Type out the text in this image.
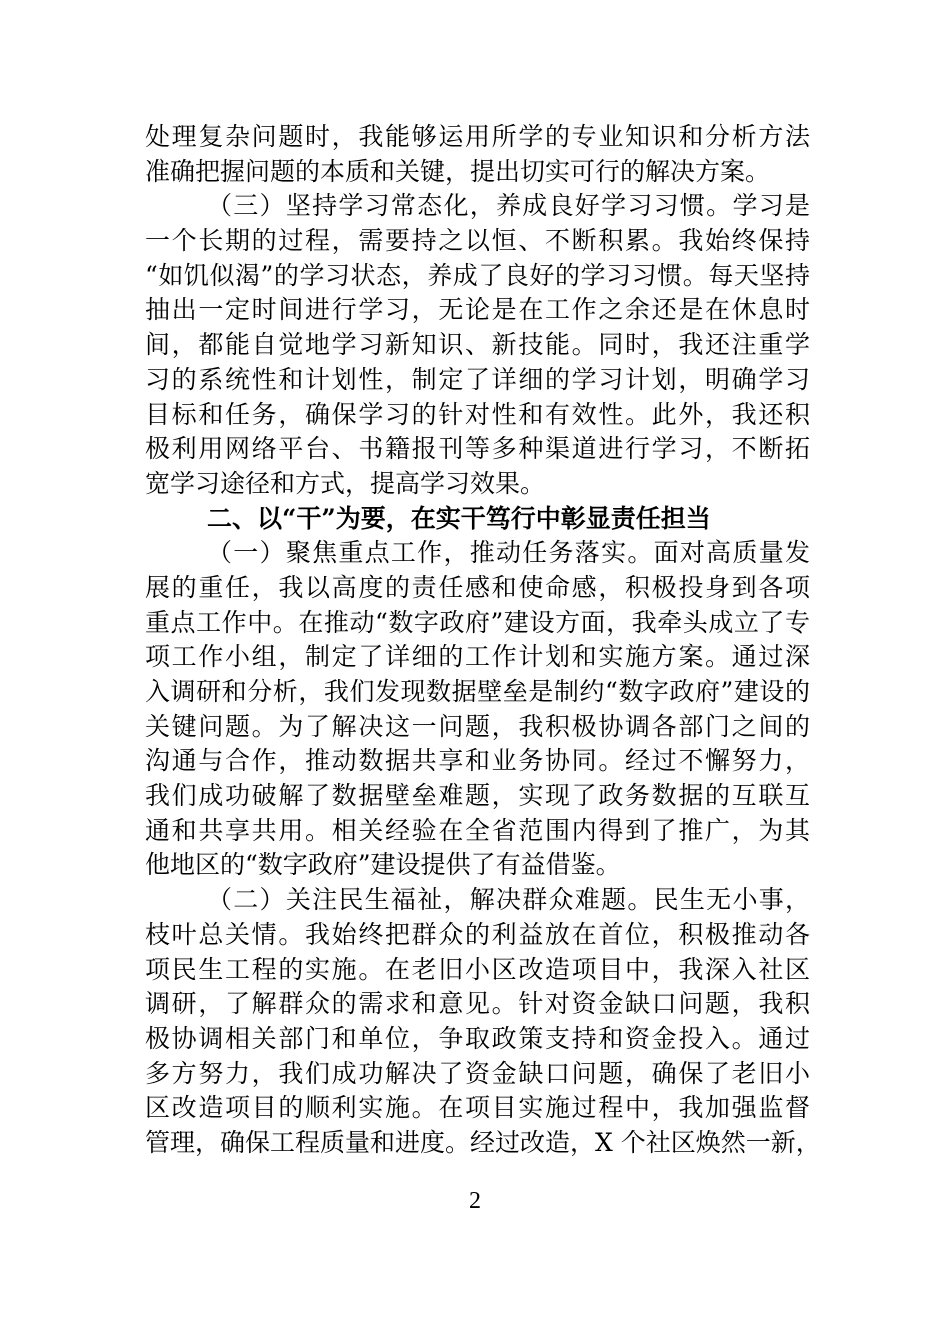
处理复杂问题时，我能够运用所学的专业知识和分析方法
准确把握问题的本质和关键，提出切实可行的解决方案。
（三）坚持学习常态化，养成良好学习习惯。学习是
一个长期的过程，需要持之以恒、不断积累。我始终保持
“如饥似渴”的学习状态，养成了良好的学习习惯。每天坚持
抽出一定时间进行学习，无论是在工作之余还是在休息时
间，都能自觉地学习新知识、新技能。同时，我还注重学
习的系统性和计划性，制定了详细的学习计划，明确学习
目标和任务，确保学习的针对性和有效性。此外，我还积
极利用网络平台、书籍报刊等多种渠道进行学习，不断拓
宽学习途径和方式，提高学习效果。
二、以“干”为要，在实干笃行中彰显责任担当
（一）聚焦重点工作，推动任务落实。面对高质量发
展的重任，我以高度的责任感和使命感，积极投身到各项
重点工作中。在推动“数字政府”建设方面，我牵头成立了专
项工作小组，制定了详细的工作计划和实施方案。通过深
入调研和分析，我们发现数据壁垒是制约“数字政府”建设的
关键问题。为了解决这一问题，我积极协调各部门之间的
沟通与合作，推动数据共享和业务协同。经过不懈努力，
我们成功破解了数据壁垒难题，实现了政务数据的互联互
通和共享共用。相关经验在全省范围内得到了推广，为其
他地区的“数字政府”建设提供了有益借鉴。
（二）关注民生福祉，解决群众难题。民生无小事，
枝叶总关情。我始终把群众的利益放在首位，积极推动各
项民生工程的实施。在老旧小区改造项目中，我深入社区
调研，了解群众的需求和意见。针对资金缺口问题，我积
极协调相关部门和单位，争取政策支持和资金投入。通过
多方努力，我们成功解决了资金缺口问题，确保了老旧小
区改造项目的顺利实施。在项目实施过程中，我加强监督
管理，确保工程质量和进度。经过改造，X 个社区焕然一新，
2
